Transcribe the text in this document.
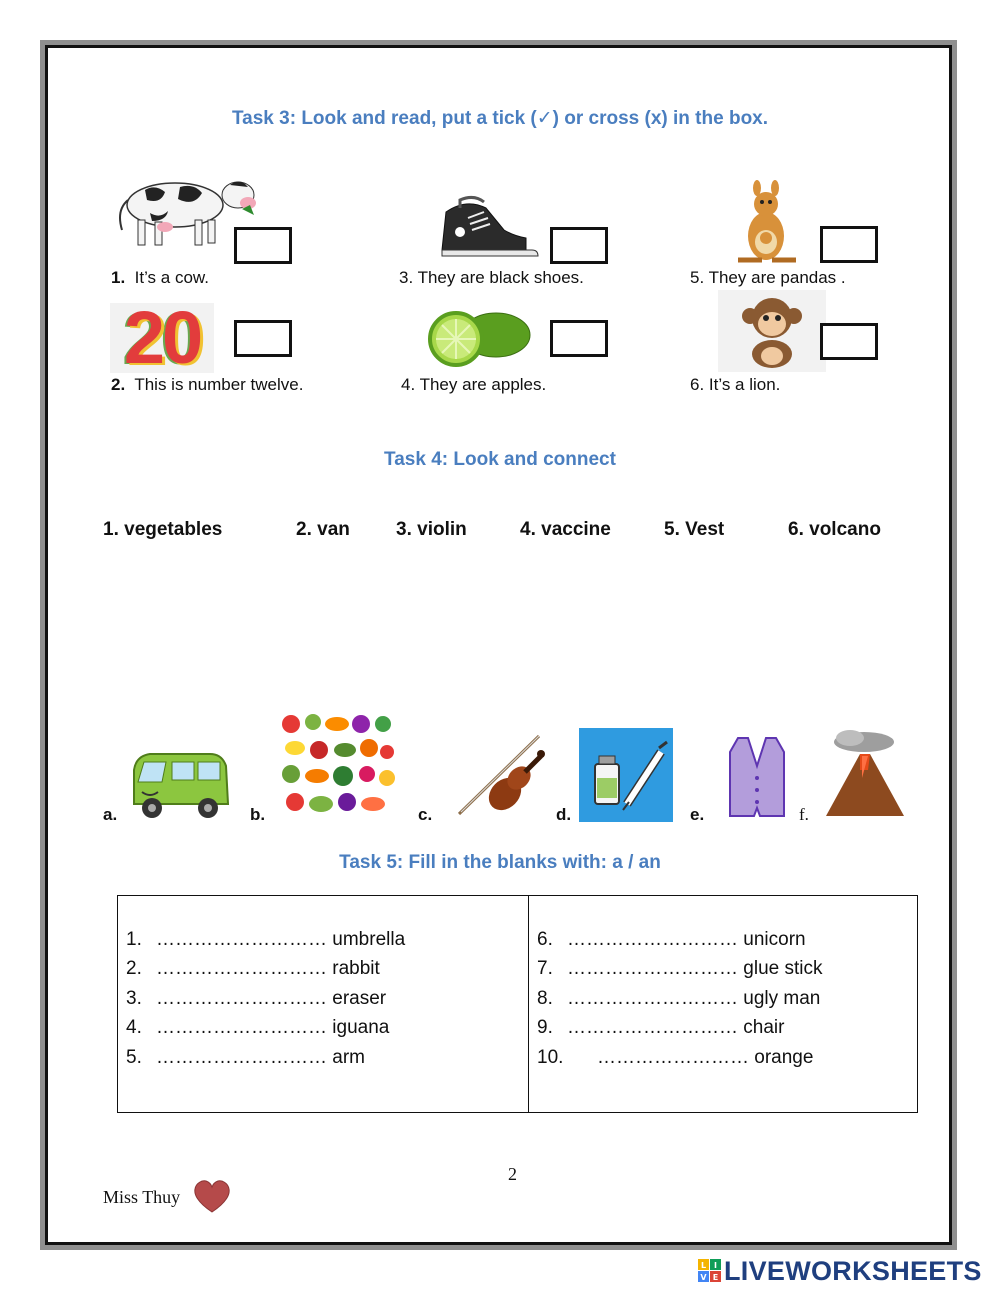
Task 3: Look and read, put a tick (✓) or cross (x) in the box.
1. It’s a cow.	3. They are black shoes.	5. They are pandas .
20
2. This is number twelve.	4. They are apples.	6. It’s a lion.
Task 4: Look and connect
1. vegetables	2. van 3. violin	4. vaccine	5. Vest	6. volcano
a.	b.	c.	d.	e.	f.
Task 5: Fill in the blanks with: a / an
1. ……………………… umbrella
2. ……………………… rabbit
3. ……………………… eraser
4. ……………………… iguana
5. ……………………… arm
6. ……………………… unicorn
7. ……………………… glue stick
8. ……………………… ugly man
9. ……………………… chair
10. …………………… orange
2
Miss Thuy
L I
V E LIVEWORKSHEETS
